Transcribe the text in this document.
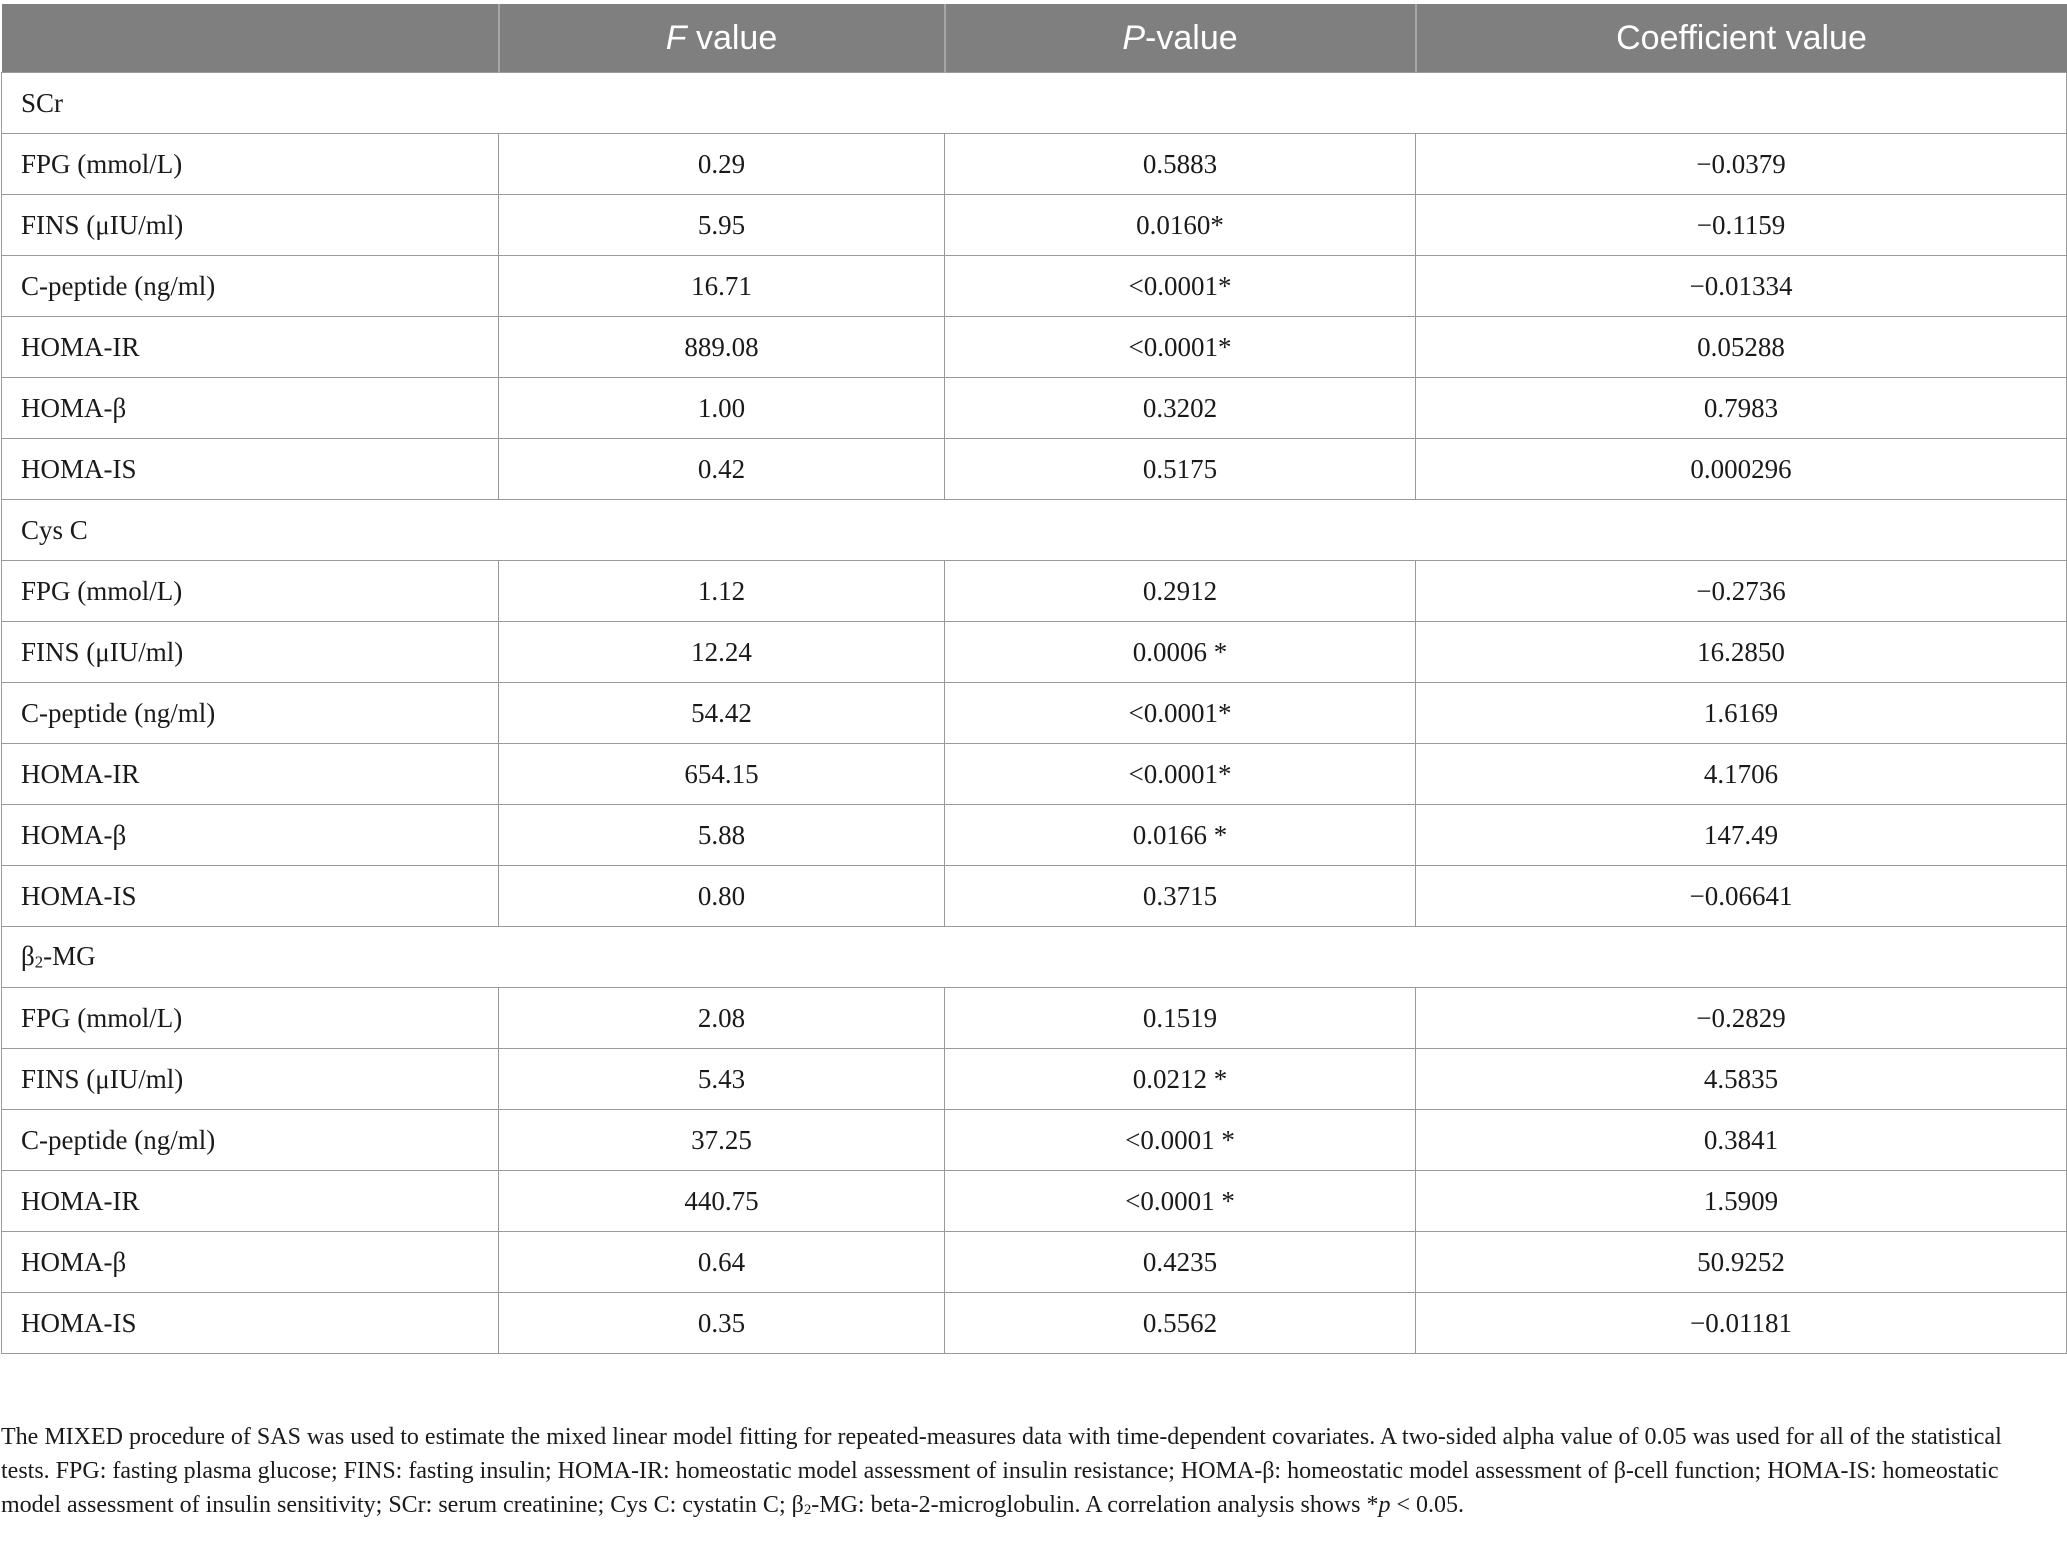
	F value	P-value	Coefficient value
SCr			
FPG (mmol/L)	0.29	0.5883	−0.0379
FINS (μIU/ml)	5.95	0.0160*	−0.1159
C-peptide (ng/ml)	16.71	<0.0001*	−0.01334
HOMA-IR	889.08	<0.0001*	0.05288
HOMA-β	1.00	0.3202	0.7983
HOMA-IS	0.42	0.5175	0.000296
Cys C			
FPG (mmol/L)	1.12	0.2912	−0.2736
FINS (μIU/ml)	12.24	0.0006 *	16.2850
C-peptide (ng/ml)	54.42	<0.0001*	1.6169
HOMA-IR	654.15	<0.0001*	4.1706
HOMA-β	5.88	0.0166 *	147.49
HOMA-IS	0.80	0.3715	−0.06641
$\beta_2-MG$			
FPG (mmol/L)	2.08	0.1519	−0.2829
FINS (μIU/ml)	5.43	0.0212 *	4.5835
C-peptide (ng/ml)	37.25	<0.0001 *	0.3841
HOMA-IR	440.75	<0.0001 *	1.5909
HOMA-β	0.64	0.4235	50.9252
HOMA-IS	0.35	0.5562	−0.01181
The MIXED procedure of SAS was used to estimate the mixed linear model fitting for repeated-measures data with time-dependent covariates. A two-sided alpha value of 0.05 was used for all of the statistical tests. FPG: fasting plasma glucose; FINS: fasting insulin; HOMA-IR: homeostatic model assessment of insulin resistance; HOMA-β: homeostatic model assessment of β-cell function; HOMA-IS: homeostatic model assessment of insulin sensitivity; SCr: serum creatinine; Cys C: cystatin C; $\beta_2-MG$: beta-2-microglobulin. A correlation analysis shows *p < 0.05.
